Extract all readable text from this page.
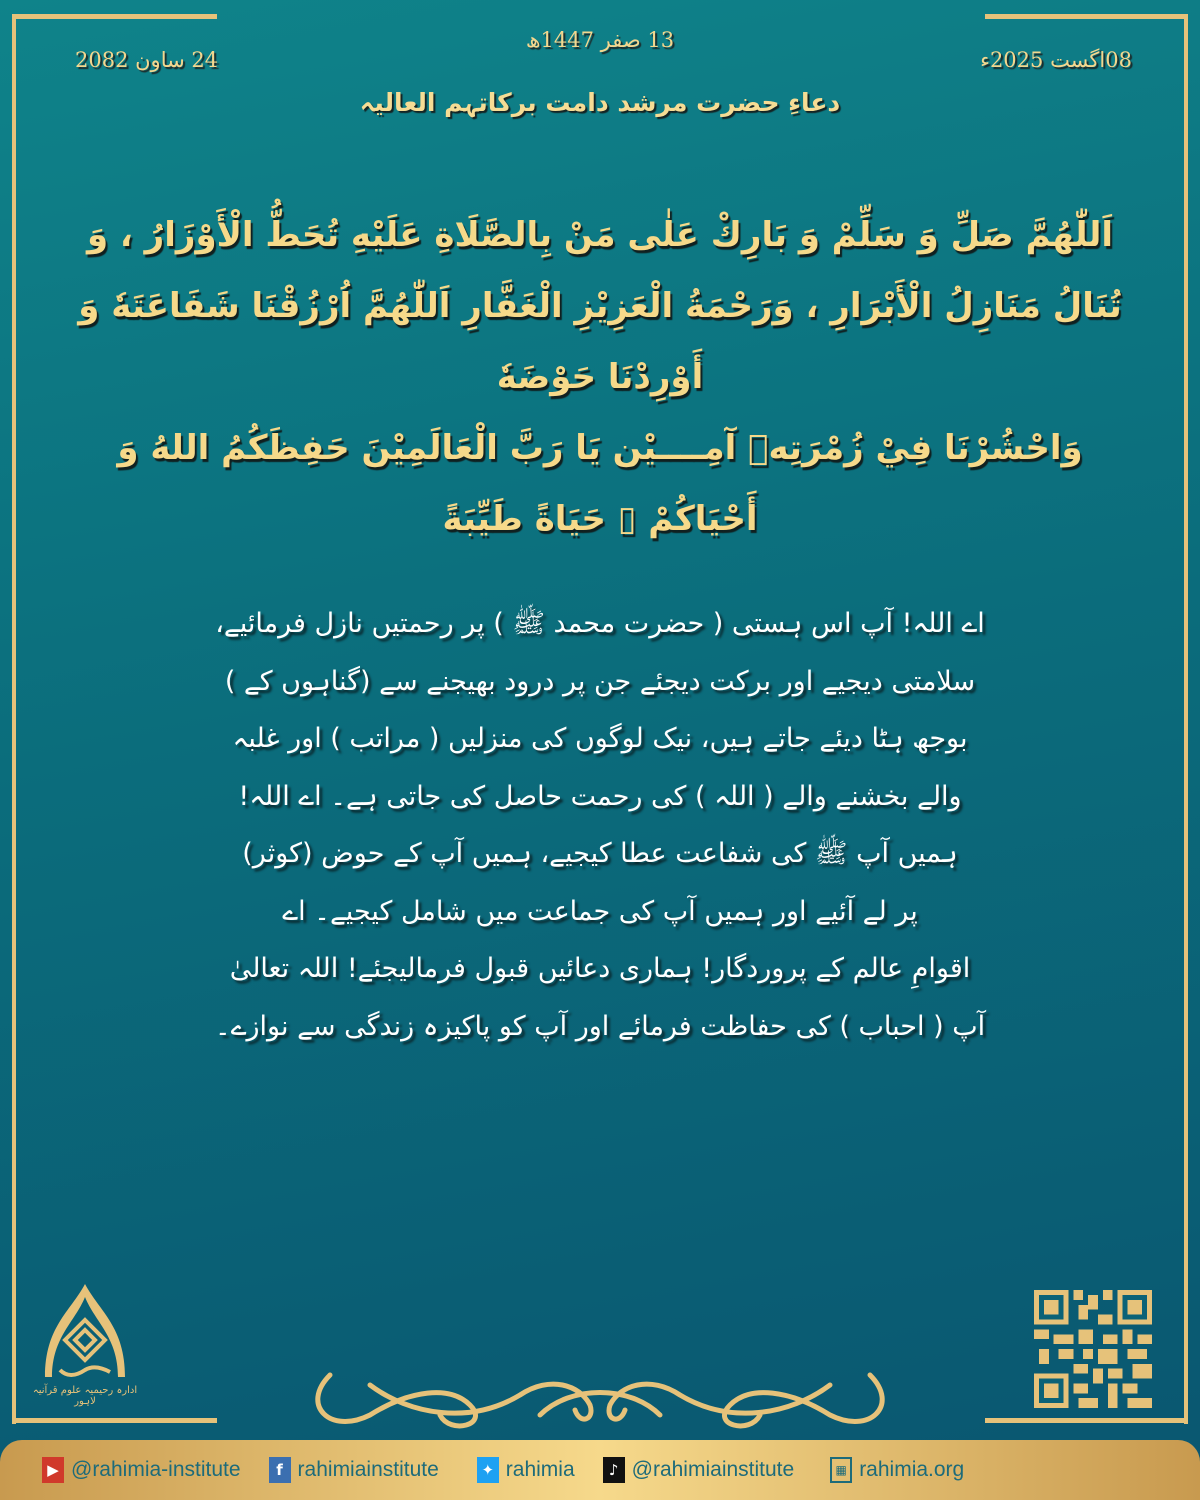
13 صفر 1447ھ
24 ساون 2082	08اگست 2025ء
دعاءِ حضرت مرشد دامت برکاتہم العالیہ
اَللّٰهُمَّ صَلِّ وَ سَلِّمْ وَ بَارِكْ عَلٰى مَنْ بِالصَّلَاةِ عَلَيْهِ تُحَطُّ الْأَوْزَارُ ، وَ
تُنَالُ مَنَازِلُ الْأَبْرَارِ ، وَرَحْمَةُ الْعَزِيْزِ الْغَفَّارِ اَللّٰهُمَّ اُرْزُقْنَا شَفَاعَتَهٗ وَ أَوْرِدْنَا حَوْضَهٗ
وَاحْشُرْنَا فِيْ زُمْرَتِهٖ آمِــــيْن يَا رَبَّ الْعَالَمِيْنَ حَفِظَكُمُ اللهُ وَ أَحْيَاكُمْ ▯ حَيَاةً طَيِّبَةً
اے اللہ! آپ اس ہستی ( حضرت محمد ﷺ ) پر رحمتیں نازل فرمائیے،
سلامتی دیجیے اور برکت دیجئے جن پر درود بھیجنے سے (گناہوں کے )
بوجھ ہٹا دیئے جاتے ہیں، نیک لوگوں کی منزلیں ( مراتب ) اور غلبہ
والے بخشنے والے ( اللہ ) کی رحمت حاصل کی جاتی ہے۔ اے اللہ!
ہمیں آپ ﷺ کی شفاعت عطا کیجیے، ہمیں آپ کے حوض (کوثر)
پر لے آئیے اور ہمیں آپ کی جماعت میں شامل کیجیے۔ اے
اقوامِ عالم کے پروردگار! ہماری دعائیں قبول فرمالیجئے! اللہ تعالیٰ
آپ ( احباب ) کی حفاظت فرمائے اور آپ کو پاکیزہ زندگی سے نوازے۔
ادارہ رحیمیہ علوم قرآنیہ لاہور
▶ @rahimia-institute	f rahimiainstitute	✦ rahimia	♪ @rahimiainstitute	▦ rahimia.org
